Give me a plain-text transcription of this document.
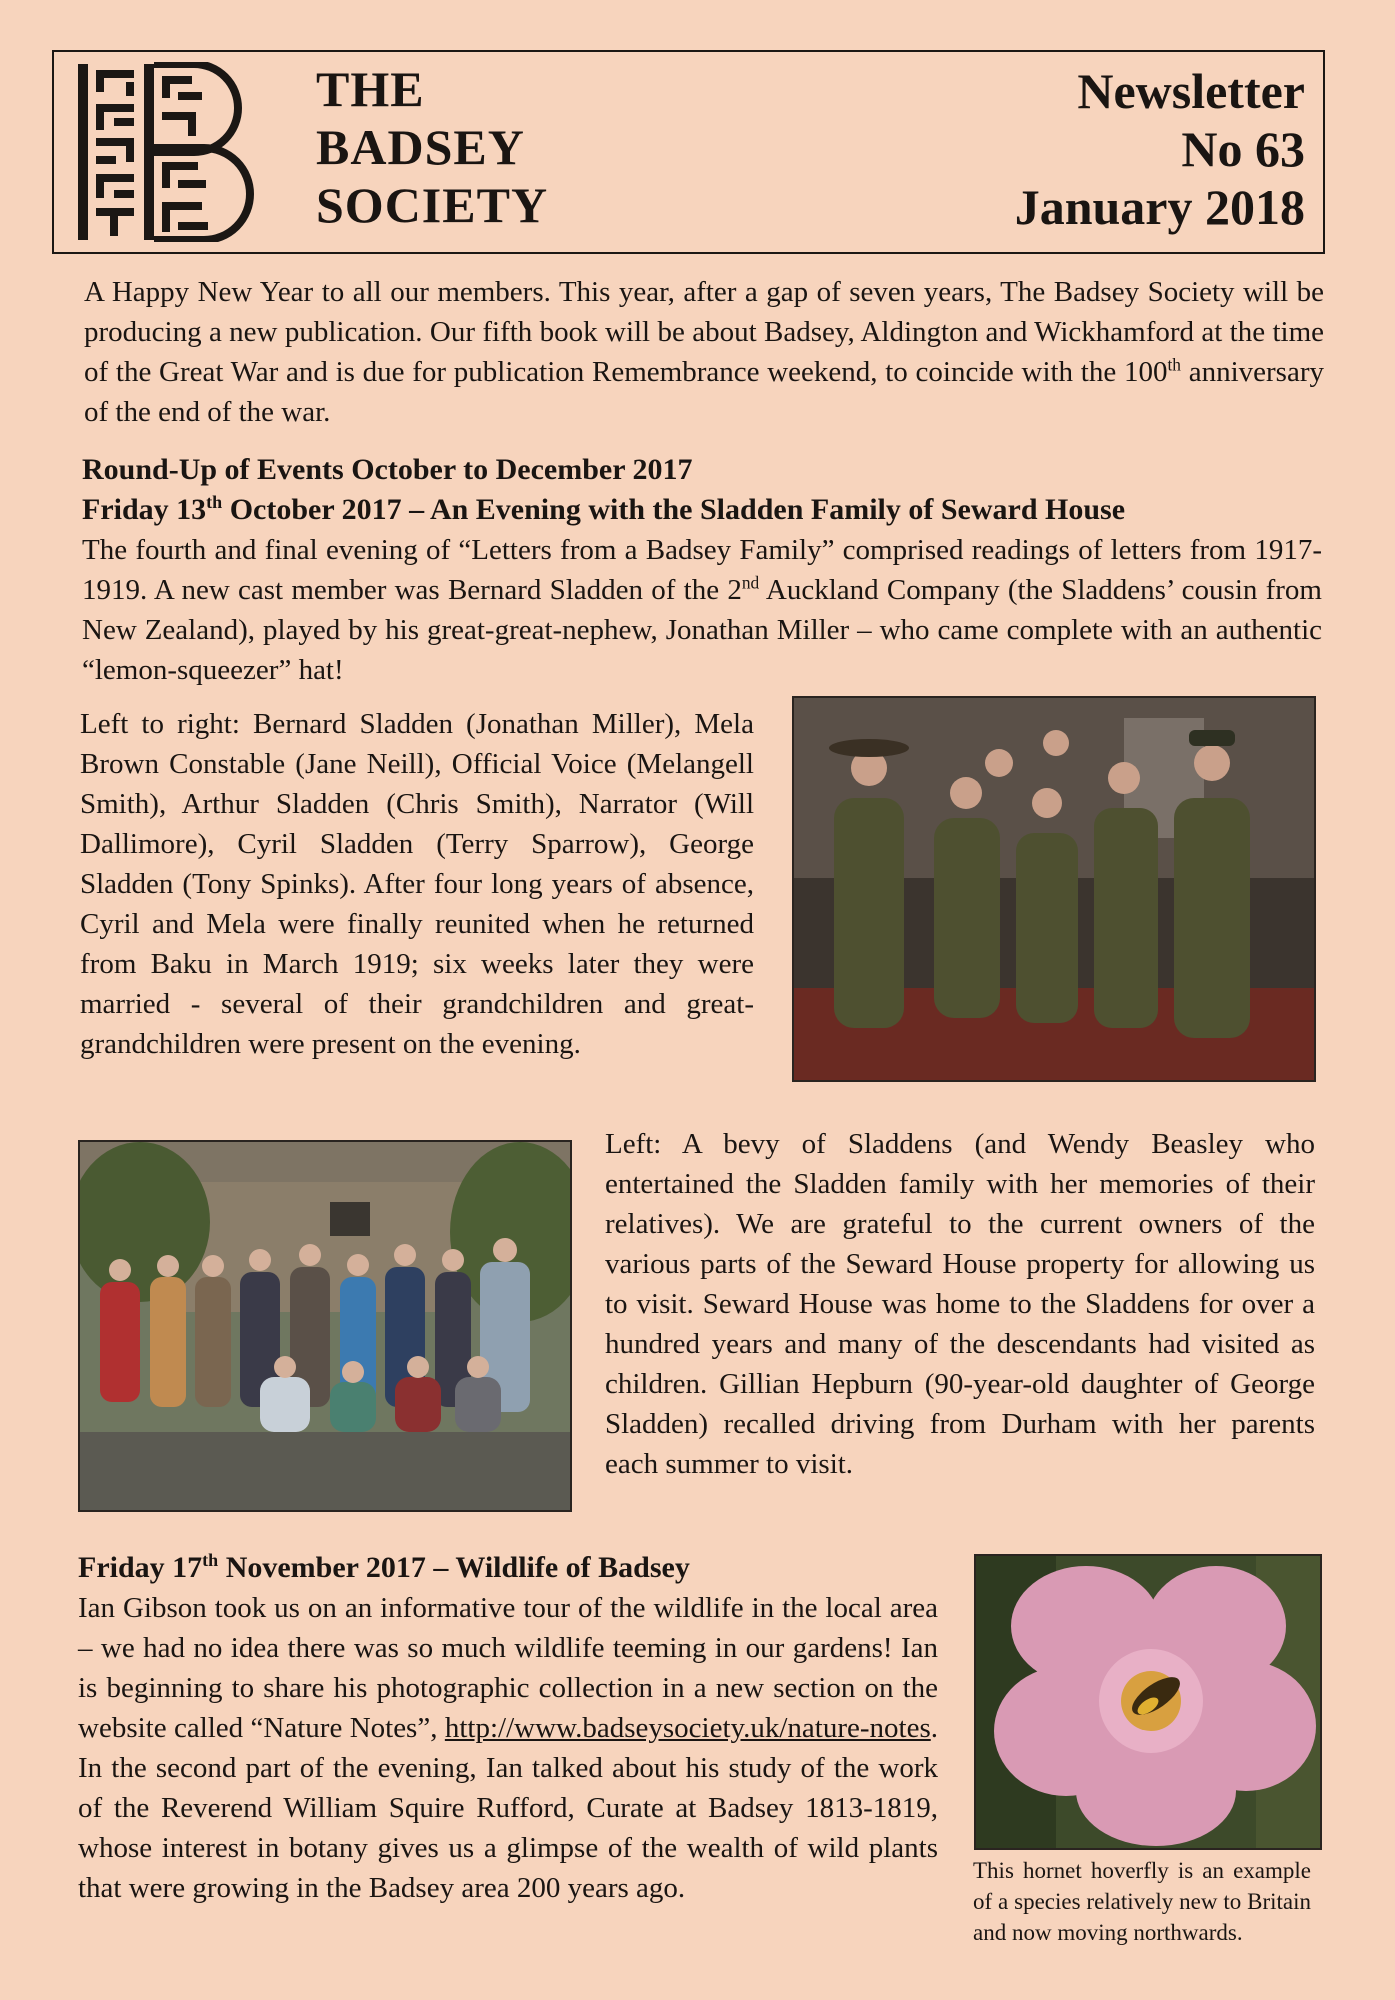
THE
BADSEY
SOCIETY
Newsletter
No 63
January 2018

A Happy New Year to all our members. This year, after a gap of seven years, The Badsey Society will be producing a new publication. Our fifth book will be about Badsey, Aldington and Wickhamford at the time of the Great War and is due for publication Remembrance weekend, to coincide with the 100th anniversary of the end of the war.

Round-Up of Events October to December 2017
Friday 13th October 2017 – An Evening with the Sladden Family of Seward House

The fourth and final evening of “Letters from a Badsey Family” comprised readings of letters from 1917-1919. A new cast member was Bernard Sladden of the 2nd Auckland Company (the Sladdens’ cousin from New Zealand), played by his great-great-nephew, Jonathan Miller – who came complete with an authentic “lemon-squeezer” hat!

Left to right: Bernard Sladden (Jonathan Miller), Mela Brown Constable (Jane Neill), Official Voice (Melangell Smith), Arthur Sladden (Chris Smith), Narrator (Will Dallimore), Cyril Sladden (Terry Sparrow), George Sladden (Tony Spinks). After four long years of absence, Cyril and Mela were finally reunited when he returned from Baku in March 1919; six weeks later they were married - several of their grandchildren and great-grandchildren were present on the evening.

Left: A bevy of Sladdens (and Wendy Beasley who entertained the Sladden family with her memories of their relatives). We are grateful to the current owners of the various parts of the Seward House property for allowing us to visit. Seward House was home to the Sladdens for over a hundred years and many of the descendants had visited as children. Gillian Hepburn (90-year-old daughter of George Sladden) recalled driving from Durham with her parents each summer to visit.

Friday 17th November 2017 – Wildlife of Badsey

Ian Gibson took us on an informative tour of the wildlife in the local area – we had no idea there was so much wildlife teeming in our gardens! Ian is beginning to share his photographic collection in a new section on the website called “Nature Notes”, http://www.badseysociety.uk/nature-notes. In the second part of the evening, Ian talked about his study of the work of the Reverend William Squire Rufford, Curate at Badsey 1813-1819, whose interest in botany gives us a glimpse of the wealth of wild plants that were growing in the Badsey area 200 years ago.

This hornet hoverfly is an example of a species relatively new to Britain and now moving northwards.
